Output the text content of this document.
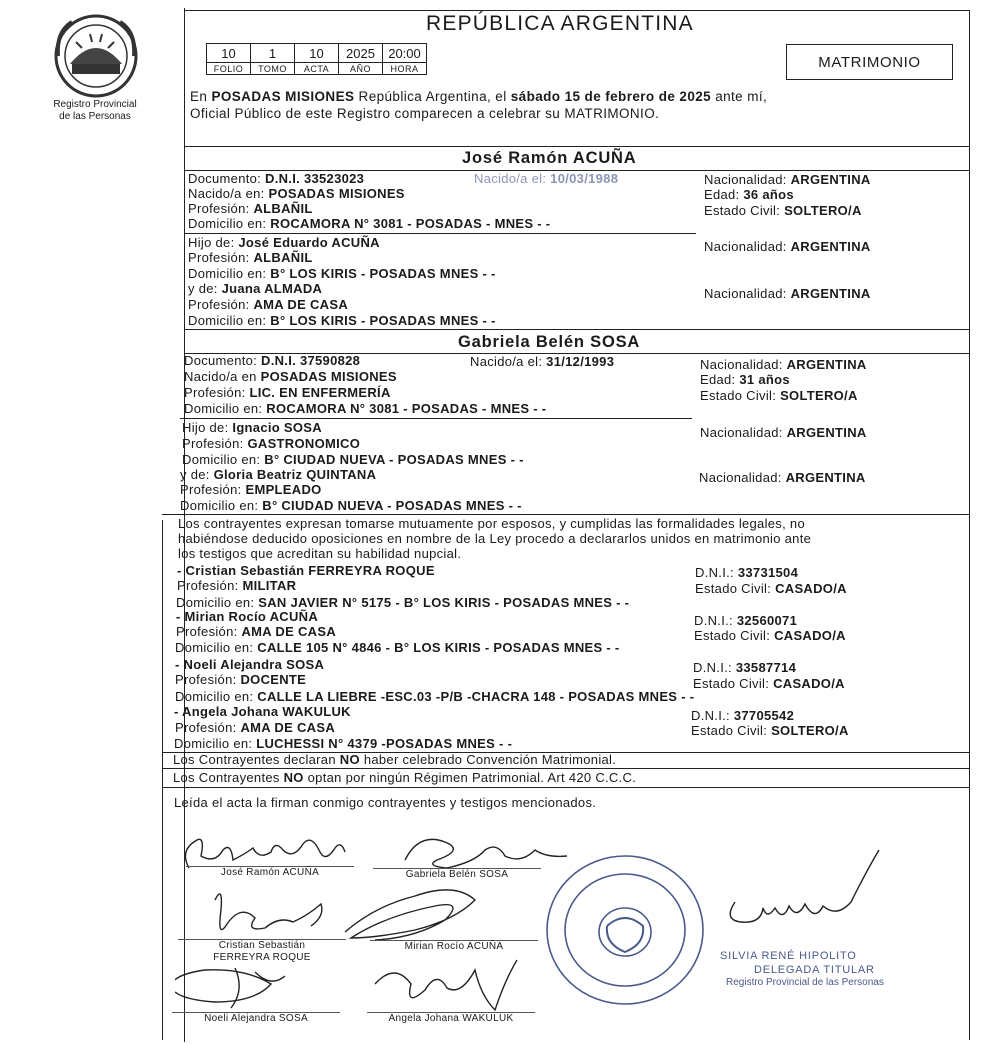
Registro Provincial
de las Personas
REPÚBLICA ARGENTINA
10	1	10	2025	20:00
FOLIO	TOMO	ACTA	AÑO	HORA	MATRIMONIO
En POSADAS MISIONES República Argentina, el sábado 15 de febrero de 2025 ante mí,
Oficial Público de este Registro comparecen a celebrar su MATRIMONIO.
José Ramón ACUÑA
Documento: D.N.I. 33523023	Nacido/a el: 10/03/1988	Nacionalidad: ARGENTINA
Nacido/a en: POSADAS MISIONES	Edad: 36 años
Profesión: ALBAÑIL	Estado Civil: SOLTERO/A
Domicilio en: ROCAMORA N° 3081 - POSADAS - MNES - -
Hijo de: José Eduardo ACUÑA	Nacionalidad: ARGENTINA
Profesión: ALBAÑIL
Domicilio en: B° LOS KIRIS - POSADAS MNES - -
y de: Juana ALMADA	Nacionalidad: ARGENTINA
Profesión: AMA DE CASA
Domicilio en: B° LOS KIRIS - POSADAS MNES - -
Gabriela Belén SOSA
Documento: D.N.I. 37590828	Nacido/a el: 31/12/1993	Nacionalidad: ARGENTINA
Nacido/a en POSADAS MISIONES	Edad: 31 años
Profesión: LIC. EN ENFERMERÍA	Estado Civil: SOLTERO/A
Domicilio en: ROCAMORA N° 3081 - POSADAS - MNES - -
Hijo de: Ignacio SOSA	Nacionalidad: ARGENTINA
Profesión: GASTRONOMICO
Domicilio en: B° CIUDAD NUEVA - POSADAS MNES - -
y de: Gloria Beatriz QUINTANA	Nacionalidad: ARGENTINA
Profesión: EMPLEADO
Domicilio en: B° CIUDAD NUEVA - POSADAS MNES - -
Los contrayentes expresan tomarse mutuamente por esposos, y cumplidas las formalidades legales, no
habiéndose deducido oposiciones en nombre de la Ley procedo a declararlos unidos en matrimonio ante
los testigos que acreditan su habilidad nupcial.
- Cristian Sebastián FERREYRA ROQUE	D.N.I.: 33731504
Profesión: MILITAR	Estado Civil: CASADO/A
Domicilio en: SAN JAVIER N° 5175 - B° LOS KIRIS - POSADAS MNES - -
- Mirian Rocío ACUÑA	D.N.I.: 32560071
Profesión: AMA DE CASA	Estado Civil: CASADO/A
Domicilio en: CALLE 105 N° 4846 - B° LOS KIRIS - POSADAS MNES - -
- Noeli Alejandra SOSA	D.N.I.: 33587714
Profesión: DOCENTE	Estado Civil: CASADO/A
Domicilio en: CALLE LA LIEBRE -ESC.03 -P/B -CHACRA 148 - POSADAS MNES - -
- Angela Johana WAKULUK	D.N.I.: 37705542
Profesión: AMA DE CASA	Estado Civil: SOLTERO/A
Domicilio en: LUCHESSI N° 4379 -POSADAS MNES - -
Los Contrayentes declaran NO haber celebrado Convención Matrimonial.
Los Contrayentes NO optan por ningún Régimen Patrimonial. Art 420 C.C.C.
Leída el acta la firman conmigo contrayentes y testigos mencionados.
SILVIA RENÉ HIPOLITO
DELEGADA TITULAR
Registro Provincial de las Personas
José Ramón ACUÑA	Gabriela Belén SOSA
Cristian Sebastián
FERREYRA ROQUE
Mirian Rocío ACUÑA
Noeli Alejandra SOSA	Angela Johana WAKULUK
